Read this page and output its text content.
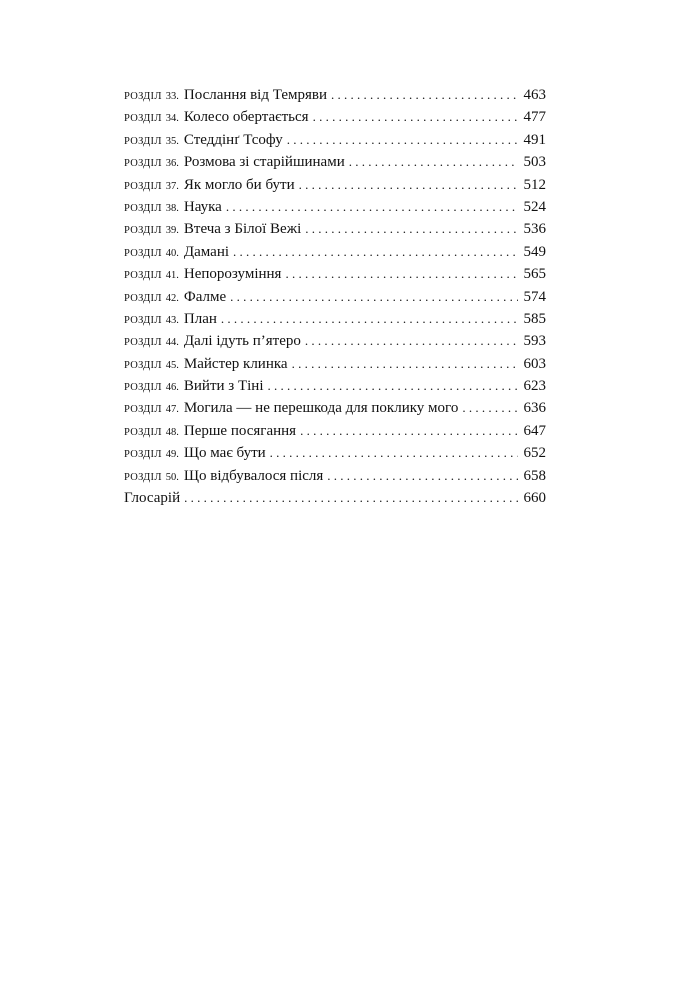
РОЗДІЛ 33. Послання від Темряви . . .	463
РОЗДІЛ 34. Колесо обертається . . .	477
РОЗДІЛ 35. Стеддінґ Тсофу . . .	491
РОЗДІЛ 36. Розмова зі старійшинами . . .	503
РОЗДІЛ 37. Як могло би бути . . .	512
РОЗДІЛ 38. Наука . . .	524
РОЗДІЛ 39. Втеча з Білої Вежі . . .	536
РОЗДІЛ 40. Дамані . . .	549
РОЗДІЛ 41. Непорозуміння . . .	565
РОЗДІЛ 42. Фалме . . .	574
РОЗДІЛ 43. План . . .	585
РОЗДІЛ 44. Далі ідуть п’ятеро . . .	593
РОЗДІЛ 45. Майстер клинка . . .	603
РОЗДІЛ 46. Вийти з Тіні . . .	623
РОЗДІЛ 47. Могила — не перешкода для поклику мого . . .	636
РОЗДІЛ 48. Перше посягання . . .	647
РОЗДІЛ 49. Що має бути . . .	652
РОЗДІЛ 50. Що відбувалося після . . .	658
Глосарій . . .	660
